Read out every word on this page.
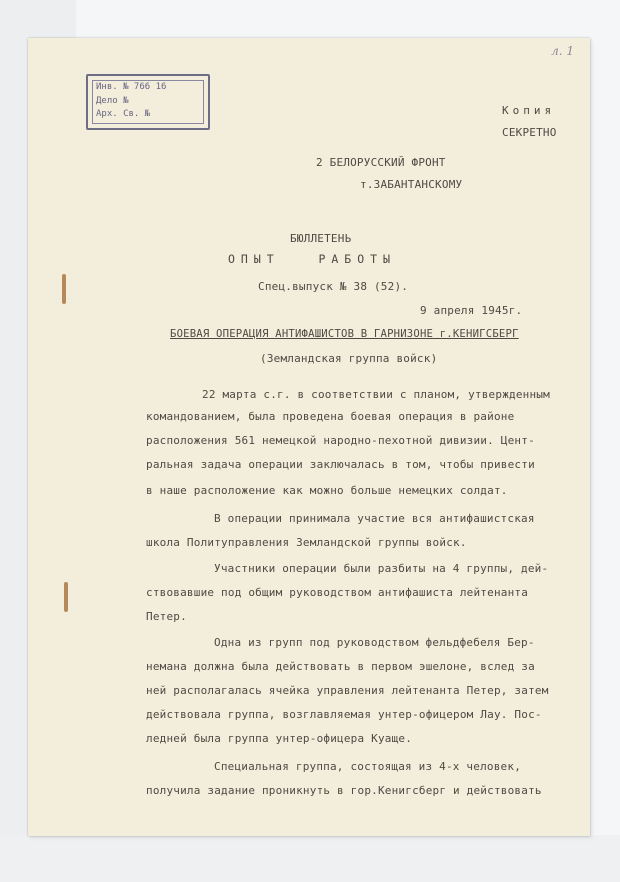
Инв. № 766 16
Дело №
Арх. Св. №
л. 1
Копия
СЕКРЕТНО
2 БЕЛОРУССКИЙ ФРОНТ
т.ЗАБАНТАНСКОМУ
БЮЛЛЕТЕНЬ
ОПЫТ   РАБОТЫ
Спец.выпуск № 38 (52).
9 апреля 1945г.
БОЕВАЯ ОПЕРАЦИЯ АНТИФАШИСТОВ В ГАРНИЗОНЕ г.КЕНИГСБЕРГ
(Земландская группа войск)
22 марта с.г. в соответствии с планом, утвержденным
командованием, была проведена боевая операция в районе
расположения 561 немецкой народно-пехотной дивизии. Цент-
ральная задача операции заключалась в том, чтобы привести
в наше расположение как можно больше немецких солдат.
В операции принимала участие вся антифашистская
школа Политуправления Земландской группы войск.
Участники операции были разбиты на 4 группы, дей-
ствовавшие под общим руководством антифашиста лейтенанта
Петер.
Одна из групп под руководством фельдфебеля Бер-
немана должна была действовать в первом эшелоне, вслед за
ней располагалась ячейка управления лейтенанта Петер, затем
действовала группа, возглавляемая унтер-офицером Лау. Пос-
ледней была группа унтер-офицера Куаще.
Специальная группа, состоящая из 4-х человек,
получила задание проникнуть в гор.Кенигсберг и действовать
